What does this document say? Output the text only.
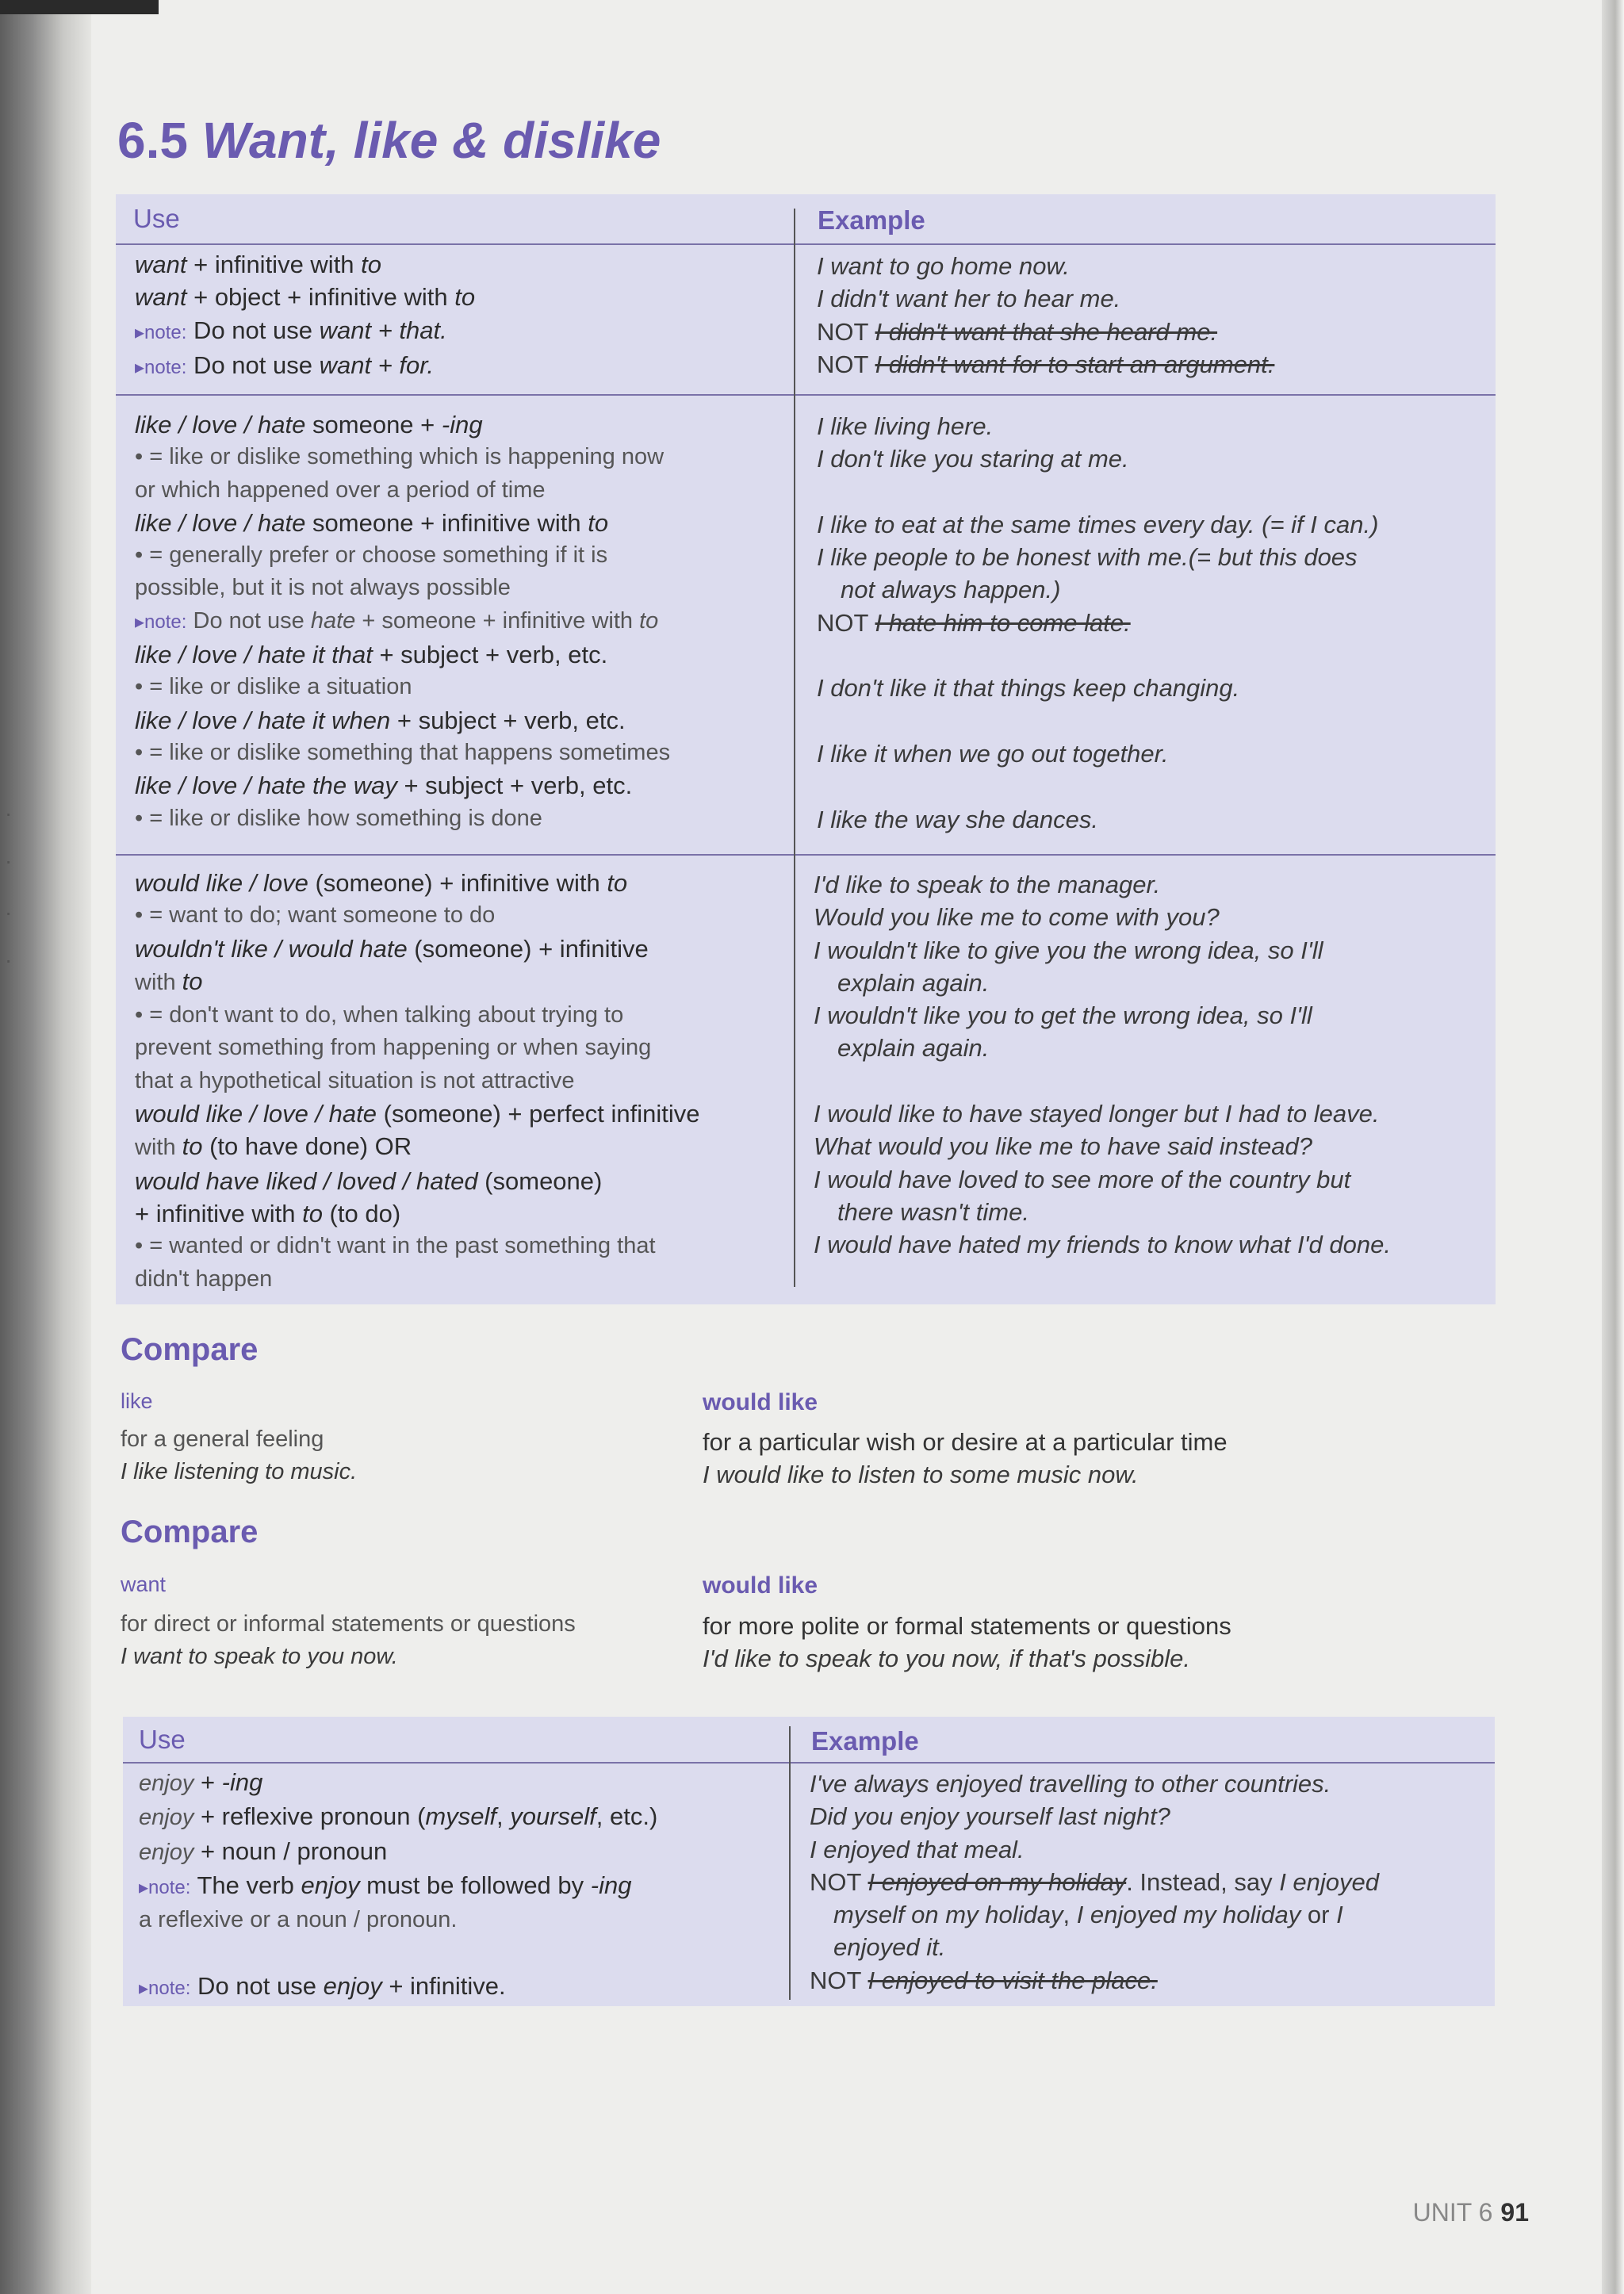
·
·
·
·
6.5 Want, like & dislike
Use	Example
want + infinitive with to
want + object + infinitive with to
▸note: Do not use want + that.
▸note: Do not use want + for.
I want to go home now.
I didn't want her to hear me.
NOT I didn't want that she heard me.
NOT I didn't want for to start an argument.
like / love / hate someone + -ing
• = like or dislike something which is happening now
or which happened over a period of time
like / love / hate someone + infinitive with to
• = generally prefer or choose something if it is
possible, but it is not always possible
▸note: Do not use hate + someone + infinitive with to
like / love / hate it that + subject + verb, etc.
• = like or dislike a situation
like / love / hate it when + subject + verb, etc.
• = like or dislike something that happens sometimes
like / love / hate the way + subject + verb, etc.
• = like or dislike how something is done
I like living here.
I don't like you staring at me.

I like to eat at the same times every day. (= if I can.)
I like people to be honest with me.(= but this does
not always happen.)
NOT I hate him to come late.

I don't like it that things keep changing.

I like it when we go out together.

I like the way she dances.
would like / love (someone) + infinitive with to
• = want to do; want someone to do
wouldn't like / would hate (someone) + infinitive
with to
• = don't want to do, when talking about trying to
prevent something from happening or when saying
that a hypothetical situation is not attractive
would like / love / hate (someone) + perfect infinitive
with to (to have done) OR
would have liked / loved / hated (someone)
+ infinitive with to (to do)
• = wanted or didn't want in the past something that
didn't happen
I'd like to speak to the manager.
Would you like me to come with you?
I wouldn't like to give you the wrong idea, so I'll
explain again.
I wouldn't like you to get the wrong idea, so I'll
explain again.

I would like to have stayed longer but I had to leave.
What would you like me to have said instead?
I would have loved to see more of the country but
there wasn't time.
I would have hated my friends to know what I'd done.
Compare
like
for a general feeling
I like listening to music.
would like
for a particular wish or desire at a particular time
I would like to listen to some music now.
Compare
want
for direct or informal statements or questions
I want to speak to you now.
would like
for more polite or formal statements or questions
I'd like to speak to you now, if that's possible.
Use	Example
enjoy + -ing
enjoy + reflexive pronoun (myself, yourself, etc.)
enjoy + noun / pronoun
▸note: The verb enjoy must be followed by -ing
a reflexive or a noun / pronoun.

▸note: Do not use enjoy + infinitive.
I've always enjoyed travelling to other countries.
Did you enjoy yourself last night?
I enjoyed that meal.
NOT I enjoyed on my holiday. Instead, say I enjoyed
myself on my holiday, I enjoyed my holiday or I
enjoyed it.
NOT I enjoyed to visit the place.
UNIT 6 91
